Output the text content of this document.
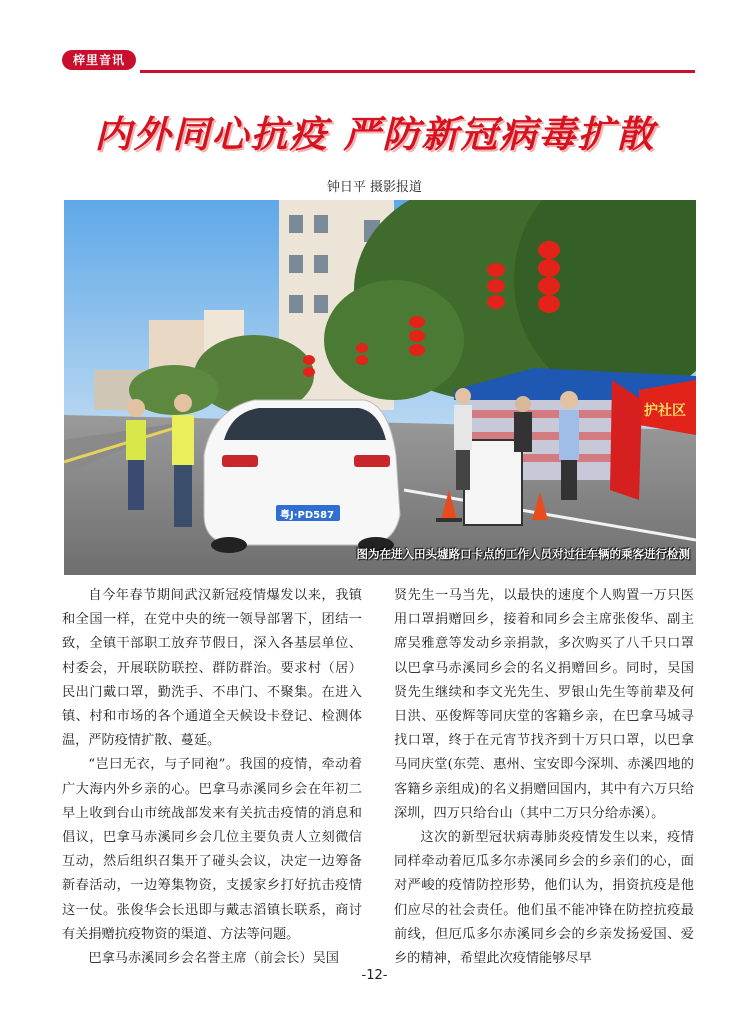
梓里音讯
内外同心抗疫 严防新冠病毒扩散
钟日平 摄影报道
护社区
粤J·PD587
图为在进入田头墟路口卡点的工作人员对过往车辆的乘客进行检测

自今年春节期间武汉新冠疫情爆发以来，我镇和全国一样，在党中央的统一领导部署下，团结一致，全镇干部职工放弃节假日，深入各基层单位、村委会，开展联防联控、群防群治。要求村（居）民出门戴口罩，勤洗手、不串门、不聚集。在进入镇、村和市场的各个通道全天候设卡登记、检测体温，严防疫情扩散、蔓延。

“岂曰无衣，与子同袍”。我国的疫情，牵动着广大海内外乡亲的心。巴拿马赤溪同乡会在年初二早上收到台山市统战部发来有关抗击疫情的消息和倡议，巴拿马赤溪同乡会几位主要负责人立刻微信互动，然后组织召集开了碰头会议，决定一边筹备新春活动，一边筹集物资，支援家乡打好抗击疫情这一仗。张俊华会长迅即与戴志滔镇长联系，商讨有关捐赠抗疫物资的渠道、方法等问题。

巴拿马赤溪同乡会名誉主席（前会长）吴国

贤先生一马当先，以最快的速度个人购置一万只医用口罩捐赠回乡，接着和同乡会主席张俊华、副主席吴雅意等发动乡亲捐款，多次购买了八千只口罩以巴拿马赤溪同乡会的名义捐赠回乡。同时，吴国贤先生继续和李文光先生、罗银山先生等前辈及何日洪、巫俊辉等同庆堂的客籍乡亲，在巴拿马城寻找口罩，终于在元宵节找齐到十万只口罩，以巴拿马同庆堂(东莞、惠州、宝安即今深圳、赤溪四地的客籍乡亲组成)的名义捐赠回国内，其中有六万只给深圳，四万只给台山（其中二万只分给赤溪）。

这次的新型冠状病毒肺炎疫情发生以来，疫情同样牵动着厄瓜多尔赤溪同乡会的乡亲们的心，面对严峻的疫情防控形势，他们认为，捐资抗疫是他们应尽的社会责任。他们虽不能冲锋在防控抗疫最前线，但厄瓜多尔赤溪同乡会的乡亲发扬爱国、爱乡的精神，希望此次疫情能够尽早

-12-
